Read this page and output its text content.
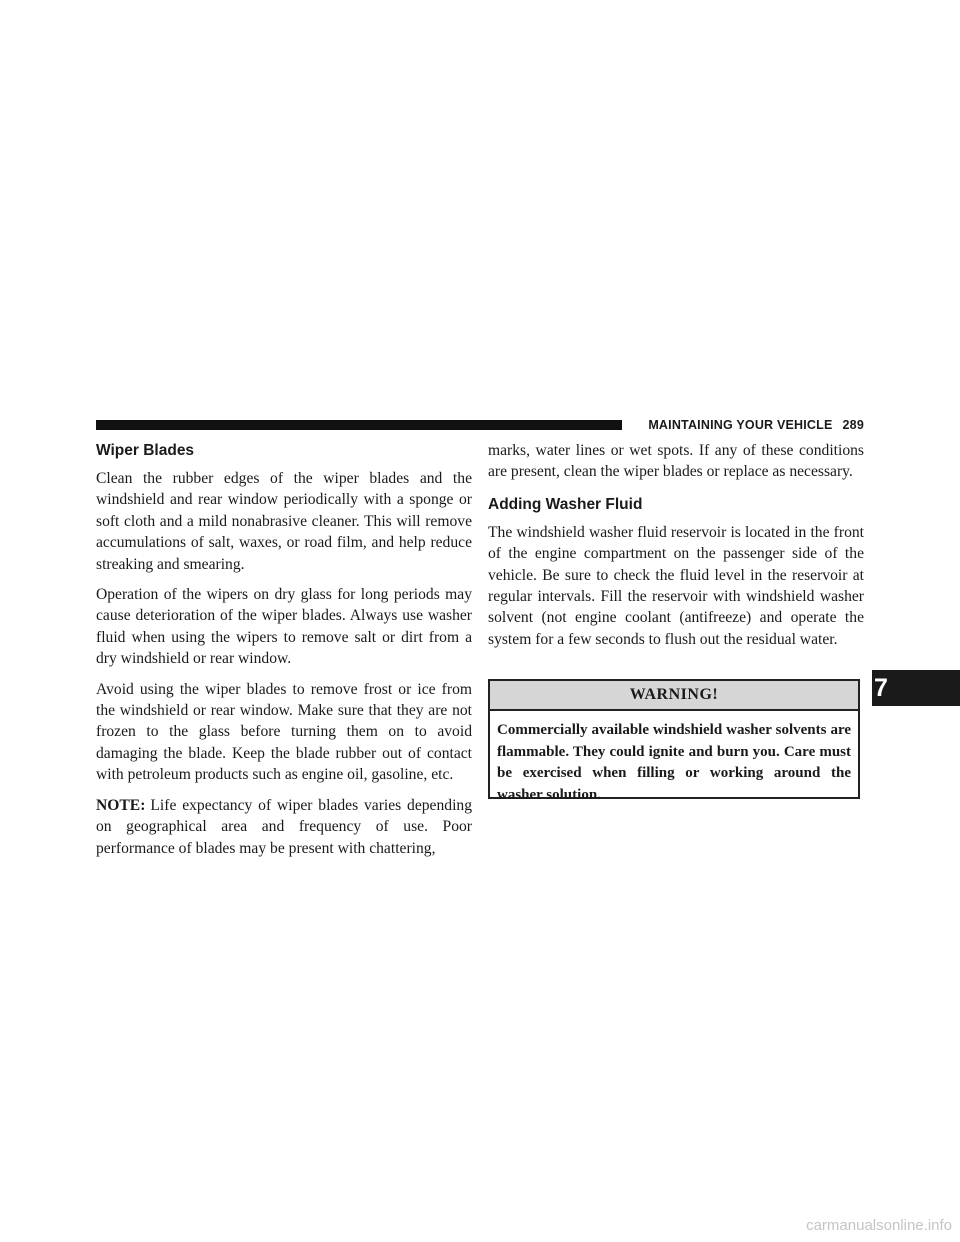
MAINTAINING YOUR VEHICLE 289
Wiper Blades

Clean the rubber edges of the wiper blades and the windshield and rear window periodically with a sponge or soft cloth and a mild nonabrasive cleaner. This will remove accumulations of salt, waxes, or road film, and help reduce streaking and smearing.

Operation of the wipers on dry glass for long periods may cause deterioration of the wiper blades. Always use washer fluid when using the wipers to remove salt or dirt from a dry windshield or rear window.

Avoid using the wiper blades to remove frost or ice from the windshield or rear window. Make sure that they are not frozen to the glass before turning them on to avoid damaging the blade. Keep the blade rubber out of contact with petroleum products such as engine oil, gasoline, etc.

NOTE: Life expectancy of wiper blades varies depending on geographical area and frequency of use. Poor performance of blades may be present with chattering,

marks, water lines or wet spots. If any of these conditions are present, clean the wiper blades or replace as necessary.

Adding Washer Fluid

The windshield washer fluid reservoir is located in the front of the engine compartment on the passenger side of the vehicle. Be sure to check the fluid level in the reservoir at regular intervals. Fill the reservoir with windshield washer solvent (not engine coolant (antifreeze) and operate the system for a few seconds to flush out the residual water.

WARNING!
Commercially available windshield washer solvents are flammable. They could ignite and burn you. Care must be exercised when filling or working around the washer solution.
7
carmanualsonline.info
